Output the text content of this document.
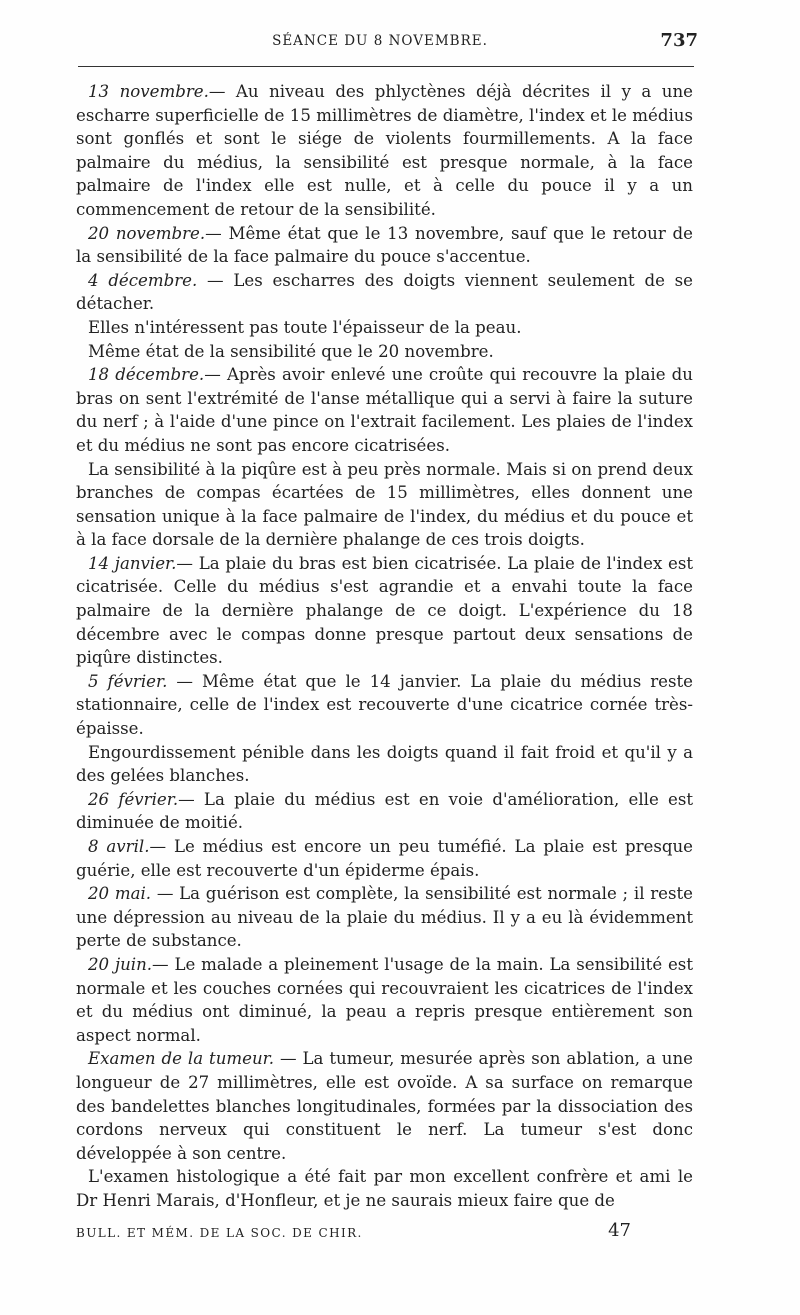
SÉANCE DU 8 NOVEMBRE.	737

13 novembre.— Au niveau des phlyctènes déjà décrites il y a une escharre superficielle de 15 millimètres de diamètre, l'index et le médius sont gonflés et sont le siége de violents fourmillements. A la face palmaire du médius, la sensibilité est presque normale, à la face palmaire de l'index elle est nulle, et à celle du pouce il y a un commencement de retour de la sensibilité.

20 novembre.— Même état que le 13 novembre, sauf que le retour de la sensibilité de la face palmaire du pouce s'accentue.

4 décembre. — Les escharres des doigts viennent seulement de se détacher.

Elles n'intéressent pas toute l'épaisseur de la peau.

Même état de la sensibilité que le 20 novembre.

18 décembre.— Après avoir enlevé une croûte qui recouvre la plaie du bras on sent l'extrémité de l'anse métallique qui a servi à faire la suture du nerf ; à l'aide d'une pince on l'extrait facilement. Les plaies de l'index et du médius ne sont pas encore cicatrisées.

La sensibilité à la piqûre est à peu près normale. Mais si on prend deux branches de compas écartées de 15 millimètres, elles donnent une sensation unique à la face palmaire de l'index, du médius et du pouce et à la face dorsale de la dernière phalange de ces trois doigts.

14 janvier.— La plaie du bras est bien cicatrisée. La plaie de l'index est cicatrisée. Celle du médius s'est agrandie et a envahi toute la face palmaire de la dernière phalange de ce doigt. L'expérience du 18 décembre avec le compas donne presque partout deux sensations de piqûre distinctes.

5 février. — Même état que le 14 janvier. La plaie du médius reste stationnaire, celle de l'index est recouverte d'une cicatrice cornée très-épaisse.

Engourdissement pénible dans les doigts quand il fait froid et qu'il y a des gelées blanches.

26 février.— La plaie du médius est en voie d'amélioration, elle est diminuée de moitié.

8 avril.— Le médius est encore un peu tuméfié. La plaie est presque guérie, elle est recouverte d'un épiderme épais.

20 mai. — La guérison est complète, la sensibilité est normale ; il reste une dépression au niveau de la plaie du médius. Il y a eu là évidemment perte de substance.

20 juin.— Le malade a pleinement l'usage de la main. La sensibilité est normale et les couches cornées qui recouvraient les cicatrices de l'index et du médius ont diminué, la peau a repris presque entièrement son aspect normal.

Examen de la tumeur. — La tumeur, mesurée après son ablation, a une longueur de 27 millimètres, elle est ovoïde. A sa surface on remarque des bandelettes blanches longitudinales, formées par la dissociation des cordons nerveux qui constituent le nerf. La tumeur s'est donc développée à son centre.

L'examen histologique a été fait par mon excellent confrère et ami le Dr Henri Marais, d'Honfleur, et je ne saurais mieux faire que de

BULL. ET MÉM. DE LA SOC. DE CHIR.	47
